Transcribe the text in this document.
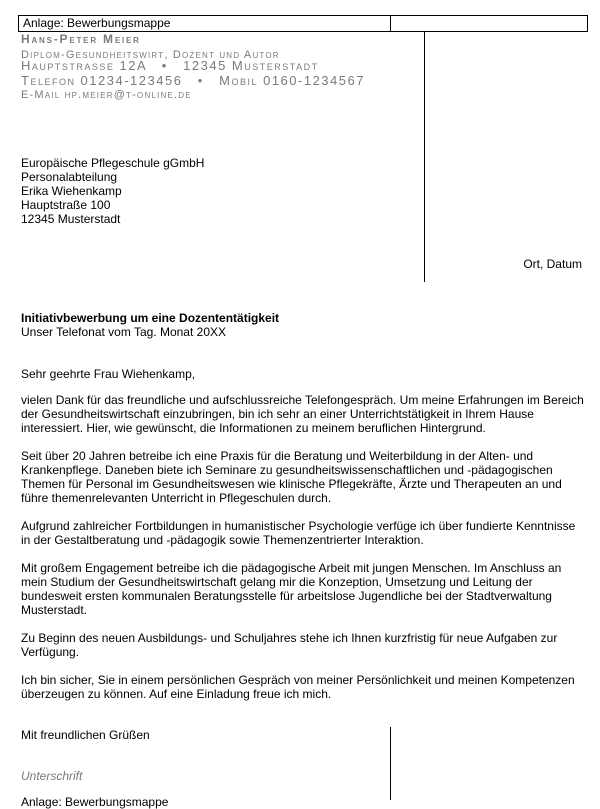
Anlage: Bewerbungsmappe
Hans-Peter Meier
Diplom-Gesundheitswirt, Dozent und Autor
Hauptstrasse 12A   •   12345 Musterstadt
Telefon 01234-123456   •   Mobil 0160-1234567
E-Mail hp.meier@t-online.de
Europäische Pflegeschule gGmbH
Personalabteilung
Erika Wiehenkamp
Hauptstraße 100
12345 Musterstadt
Ort, Datum
Initiativbewerbung um eine Dozententätigkeit
Unser Telefonat vom Tag. Monat 20XX
Sehr geehrte Frau Wiehenkamp,
vielen Dank für das freundliche und aufschlussreiche Telefongespräch. Um meine Erfahrungen im Bereich der Gesundheitswirtschaft einzubringen, bin ich sehr an einer Unterrichtstätigkeit in Ihrem Hause interessiert. Hier, wie gewünscht, die Informationen zu meinem beruflichen Hintergrund.
Seit über 20 Jahren betreibe ich eine Praxis für die Beratung und Weiterbildung in der Alten- und Krankenpflege. Daneben biete ich Seminare zu gesundheitswissenschaftlichen und -pädagogischen Themen für Personal im Gesundheitswesen wie klinische Pflegekräfte, Ärzte und Therapeuten an und führe themenrelevanten Unterricht in Pflegeschulen durch.
Aufgrund zahlreicher Fortbildungen in humanistischer Psychologie verfüge ich über fundierte Kenntnisse in der Gestaltberatung und -pädagogik sowie Themenzentrierter Interaktion.
Mit großem Engagement betreibe ich die pädagogische Arbeit mit jungen Menschen. Im Anschluss an mein Studium der Gesundheitswirtschaft gelang mir die Konzeption, Umsetzung und Leitung der bundesweit ersten kommunalen Beratungsstelle für arbeitslose Jugendliche bei der Stadtverwaltung Musterstadt.
Zu Beginn des neuen Ausbildungs- und Schuljahres stehe ich Ihnen kurzfristig für neue Aufgaben zur Verfügung.
Ich bin sicher, Sie in einem persönlichen Gespräch von meiner Persönlichkeit und meinen Kompetenzen überzeugen zu können. Auf eine Einladung freue ich mich.
Mit freundlichen Grüßen
Unterschrift
Anlage: Bewerbungsmappe
